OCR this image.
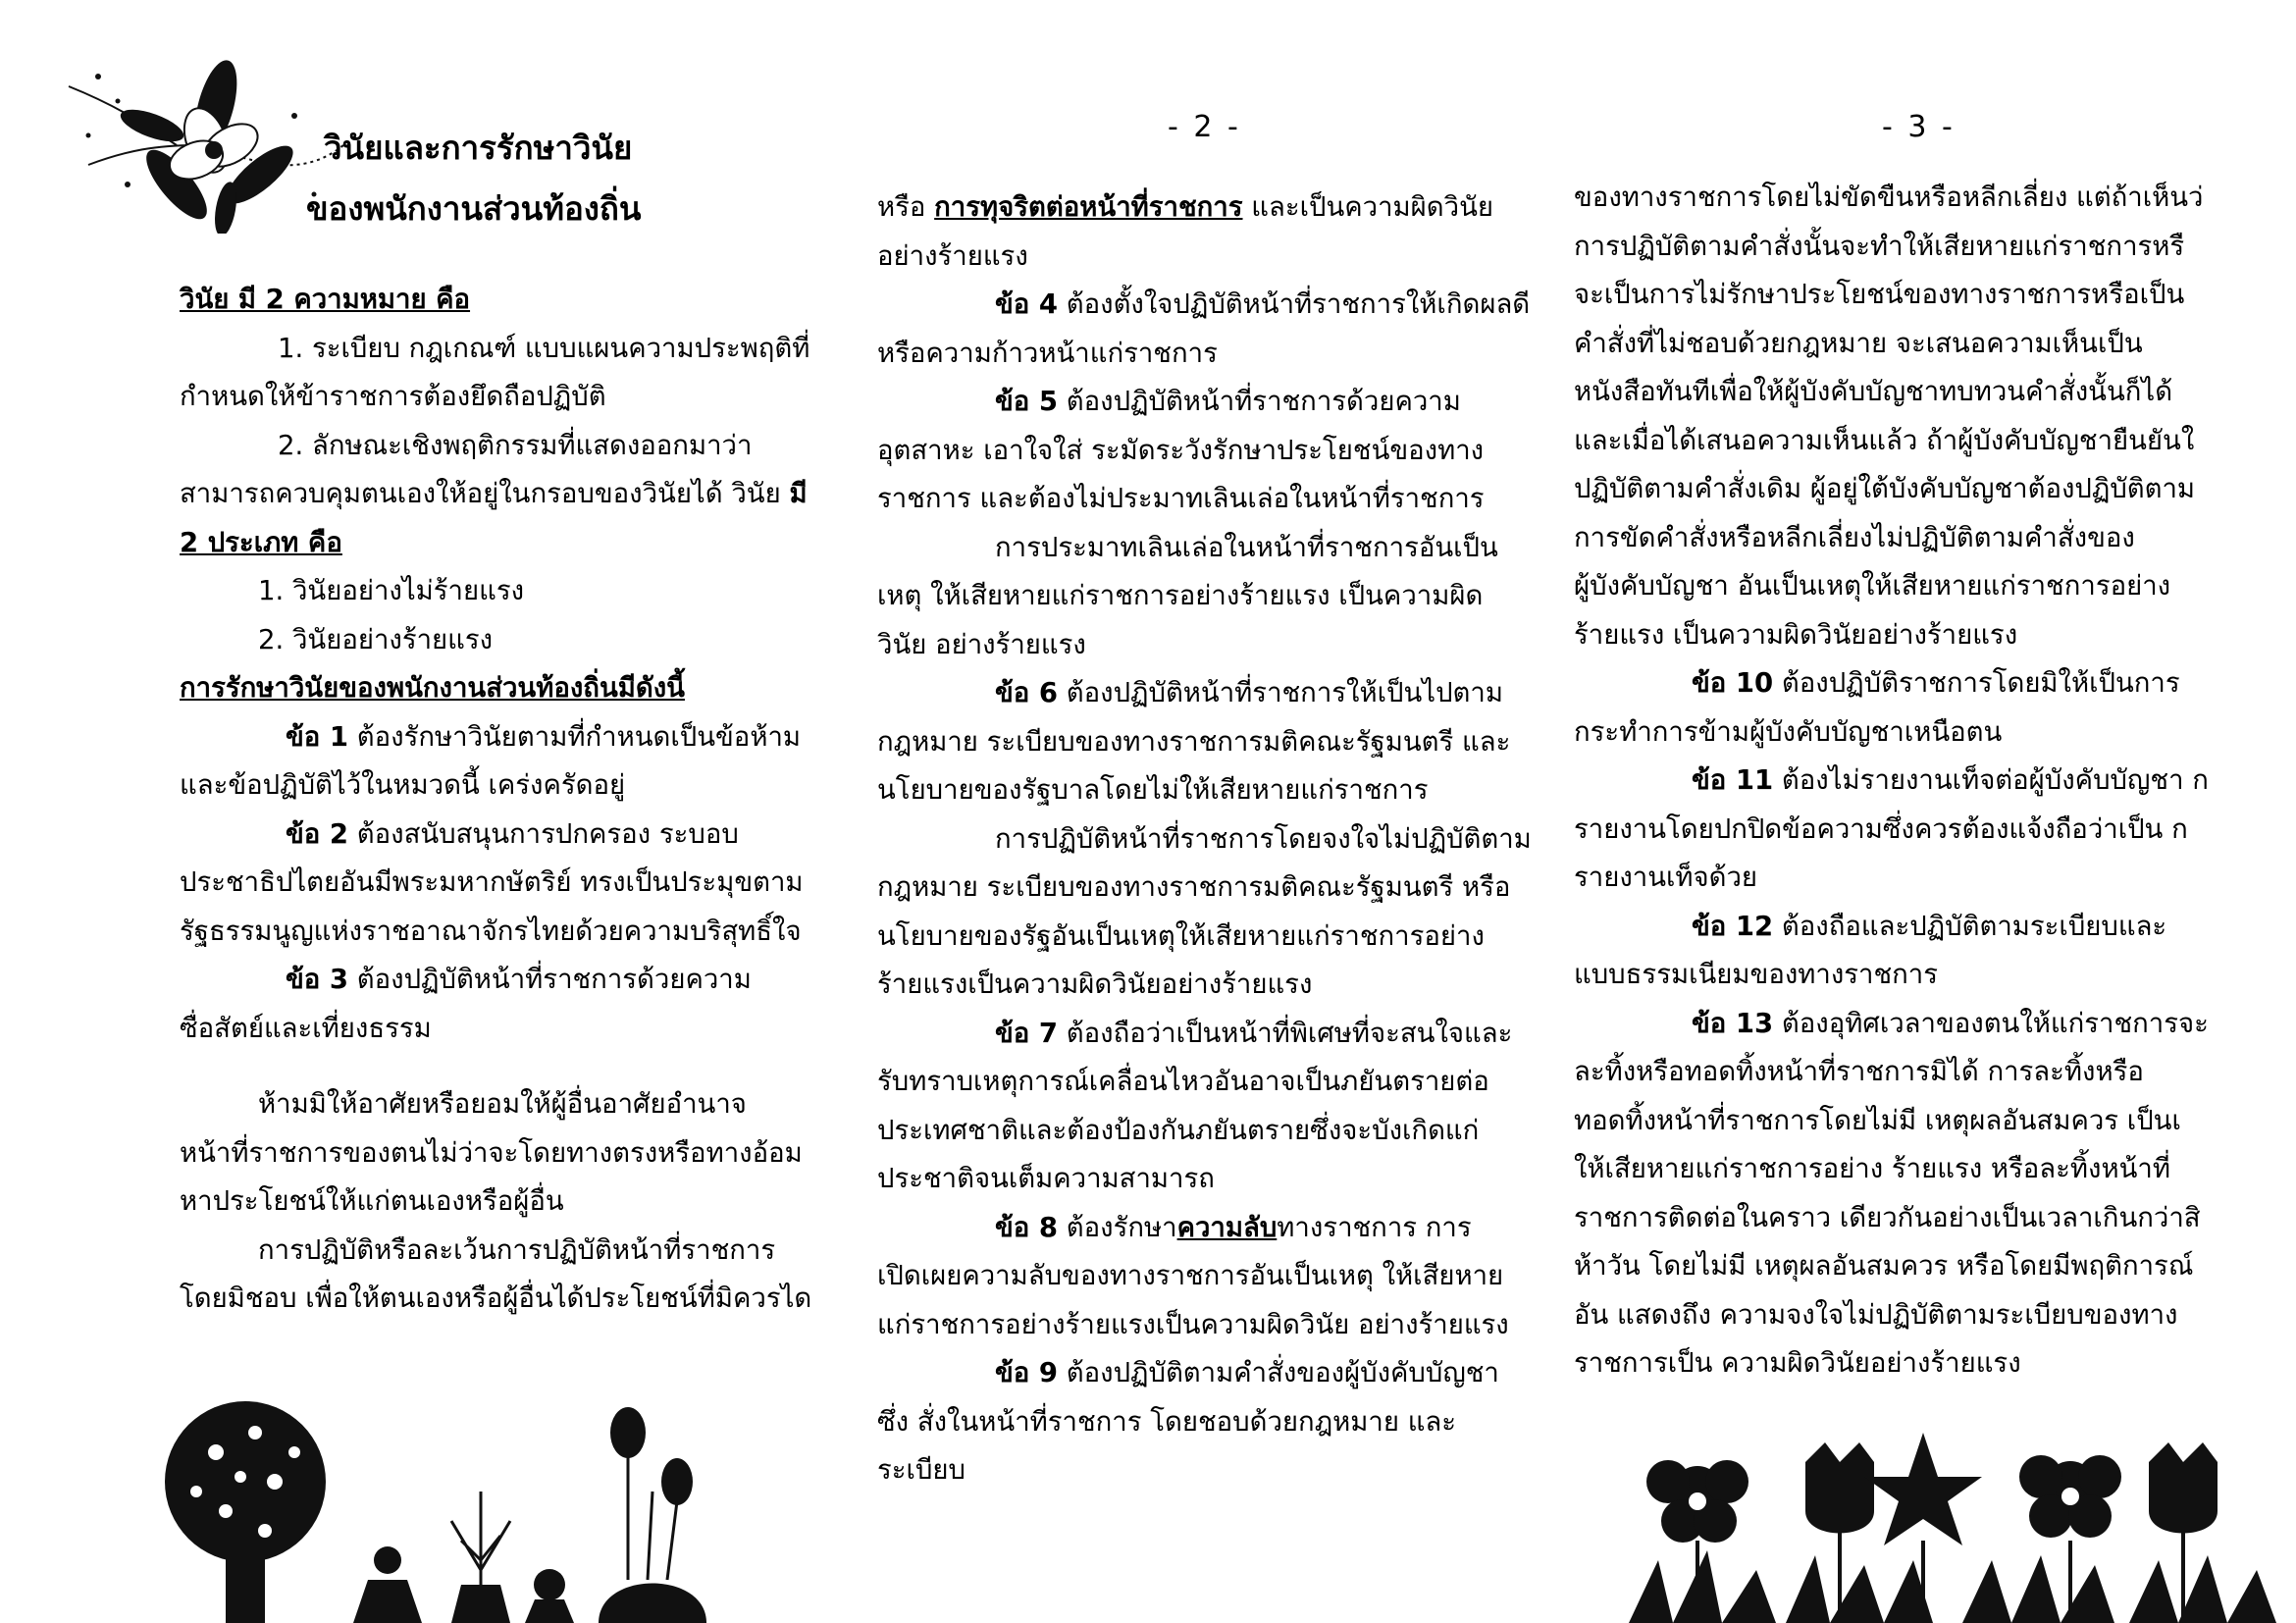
วินัยและการรักษาวินัย
ของพนักงานส่วนท้องถิ่น
วินัย มี 2 ความหมาย คือ
1. ระเบียบ กฎเกณฑ์ แบบแผนความประพฤติที่
กำหนดให้ข้าราชการต้องยึดถือปฏิบัติ
2. ลักษณะเชิงพฤติกรรมที่แสดงออกมาว่า
สามารถควบคุมตนเองให้อยู่ในกรอบของวินัยได้ วินัย มี
2 ประเภท คือ
1. วินัยอย่างไม่ร้ายแรง
2. วินัยอย่างร้ายแรง
การรักษาวินัยของพนักงานส่วนท้องถิ่นมีดังนี้
ข้อ 1 ต้องรักษาวินัยตามที่กำหนดเป็นข้อห้าม
และข้อปฏิบัติไว้ในหมวดนี้ เคร่งครัดอยู่
ข้อ 2 ต้องสนับสนุนการปกครอง ระบอบ
ประชาธิปไตยอันมีพระมหากษัตริย์ ทรงเป็นประมุขตาม
รัฐธรรมนูญแห่งราชอาณาจักรไทยด้วยความบริสุทธิ์ใจ
ข้อ 3 ต้องปฏิบัติหน้าที่ราชการด้วยความ
ซื่อสัตย์และเที่ยงธรรม
ห้ามมิให้อาศัยหรือยอมให้ผู้อื่นอาศัยอำนาจ
หน้าที่ราชการของตนไม่ว่าจะโดยทางตรงหรือทางอ้อม
หาประโยชน์ให้แก่ตนเองหรือผู้อื่น
การปฏิบัติหรือละเว้นการปฏิบัติหน้าที่ราชการ
โดยมิชอบ เพื่อให้ตนเองหรือผู้อื่นได้ประโยชน์ที่มิควรได
- 2 -
หรือ การทุจริตต่อหน้าที่ราชการ และเป็นความผิดวินัย
อย่างร้ายแรง
ข้อ 4 ต้องตั้งใจปฏิบัติหน้าที่ราชการให้เกิดผลดี
หรือความก้าวหน้าแก่ราชการ
ข้อ 5 ต้องปฏิบัติหน้าที่ราชการด้วยความ
อุตสาหะ เอาใจใส่ ระมัดระวังรักษาประโยชน์ของทาง
ราชการ และต้องไม่ประมาทเลินเล่อในหน้าที่ราชการ
การประมาทเลินเล่อในหน้าที่ราชการอันเป็น
เหตุ ให้เสียหายแก่ราชการอย่างร้ายแรง เป็นความผิด
วินัย อย่างร้ายแรง
ข้อ 6 ต้องปฏิบัติหน้าที่ราชการให้เป็นไปตาม
กฎหมาย ระเบียบของทางราชการมติคณะรัฐมนตรี และ
นโยบายของรัฐบาลโดยไม่ให้เสียหายแก่ราชการ
การปฏิบัติหน้าที่ราชการโดยจงใจไม่ปฏิบัติตาม
กฎหมาย ระเบียบของทางราชการมติคณะรัฐมนตรี หรือ
นโยบายของรัฐอันเป็นเหตุให้เสียหายแก่ราชการอย่าง
ร้ายแรงเป็นความผิดวินัยอย่างร้ายแรง
ข้อ 7 ต้องถือว่าเป็นหน้าที่พิเศษที่จะสนใจและ
รับทราบเหตุการณ์เคลื่อนไหวอันอาจเป็นภยันตรายต่อ
ประเทศชาติและต้องป้องกันภยันตรายซึ่งจะบังเกิดแก่
ประชาติจนเต็มความสามารถ
ข้อ 8 ต้องรักษาความลับทางราชการ การ
เปิดเผยความลับของทางราชการอันเป็นเหตุ ให้เสียหาย
แก่ราชการอย่างร้ายแรงเป็นความผิดวินัย อย่างร้ายแรง
ข้อ 9 ต้องปฏิบัติตามคำสั่งของผู้บังคับบัญชา
ซึ่ง สั่งในหน้าที่ราชการ โดยชอบด้วยกฎหมาย และ
ระเบียบ
- 3 -
ของทางราชการโดยไม่ขัดขืนหรือหลีกเลี่ยง แต่ถ้าเห็นว่
การปฏิบัติตามคำสั่งนั้นจะทำให้เสียหายแก่ราชการหรื
จะเป็นการไม่รักษาประโยชน์ของทางราชการหรือเป็น
คำสั่งที่ไม่ชอบด้วยกฎหมาย จะเสนอความเห็นเป็น
หนังสือทันทีเพื่อให้ผู้บังคับบัญชาทบทวนคำสั่งนั้นก็ได้
และเมื่อได้เสนอความเห็นแล้ว ถ้าผู้บังคับบัญชายืนยันใ
ปฏิบัติตามคำสั่งเดิม ผู้อยู่ใต้บังคับบัญชาต้องปฏิบัติตาม
การขัดคำสั่งหรือหลีกเลี่ยงไม่ปฏิบัติตามคำสั่งของ
ผู้บังคับบัญชา อันเป็นเหตุให้เสียหายแก่ราชการอย่าง
ร้ายแรง เป็นความผิดวินัยอย่างร้ายแรง
ข้อ 10 ต้องปฏิบัติราชการโดยมิให้เป็นการ
กระทำการข้ามผู้บังคับบัญชาเหนือตน
ข้อ 11 ต้องไม่รายงานเท็จต่อผู้บังคับบัญชา ก
รายงานโดยปกปิดข้อความซึ่งควรต้องแจ้งถือว่าเป็น ก
รายงานเท็จด้วย
ข้อ 12 ต้องถือและปฏิบัติตามระเบียบและ
แบบธรรมเนียมของทางราชการ
ข้อ 13 ต้องอุทิศเวลาของตนให้แก่ราชการจะ
ละทิ้งหรือทอดทิ้งหน้าที่ราชการมิได้ การละทิ้งหรือ
ทอดทิ้งหน้าที่ราชการโดยไม่มี เหตุผลอันสมควร เป็นเ
ให้เสียหายแก่ราชการอย่าง ร้ายแรง หรือละทิ้งหน้าที่
ราชการติดต่อในคราว เดียวกันอย่างเป็นเวลาเกินกว่าสิ
ห้าวัน โดยไม่มี เหตุผลอันสมควร หรือโดยมีพฤติการณ์
อัน แสดงถึง ความจงใจไม่ปฏิบัติตามระเบียบของทาง
ราชการเป็น ความผิดวินัยอย่างร้ายแรง
